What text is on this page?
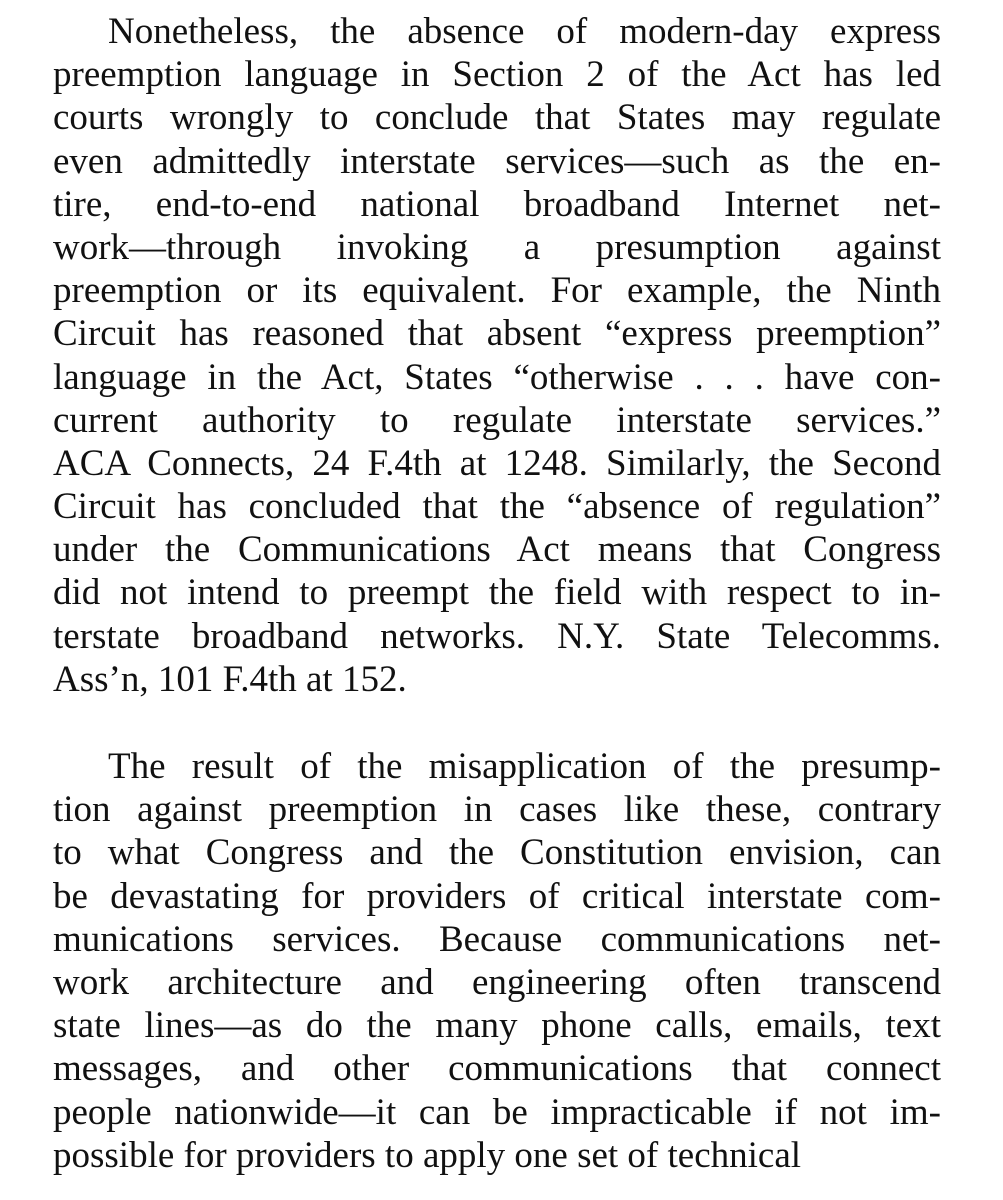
Nonetheless, the absence of modern-day express
preemption language in Section 2 of the Act has led
courts wrongly to conclude that States may regulate
even admittedly interstate services—such as the en-
tire, end-to-end national broadband Internet net-
work—through invoking a presumption against
preemption or its equivalent. For example, the Ninth
Circuit has reasoned that absent “express preemption”
language in the Act, States “otherwise . . . have con-
current authority to regulate interstate services.”
ACA Connects, 24 F.4th at 1248. Similarly, the Second
Circuit has concluded that the “absence of regulation”
under the Communications Act means that Congress
did not intend to preempt the field with respect to in-
terstate broadband networks. N.Y. State Telecomms.
Ass’n, 101 F.4th at 152.
The result of the misapplication of the presump-
tion against preemption in cases like these, contrary
to what Congress and the Constitution envision, can
be devastating for providers of critical interstate com-
munications services. Because communications net-
work architecture and engineering often transcend
state lines—as do the many phone calls, emails, text
messages, and other communications that connect
people nationwide—it can be impracticable if not im-
possible for providers to apply one set of technical
